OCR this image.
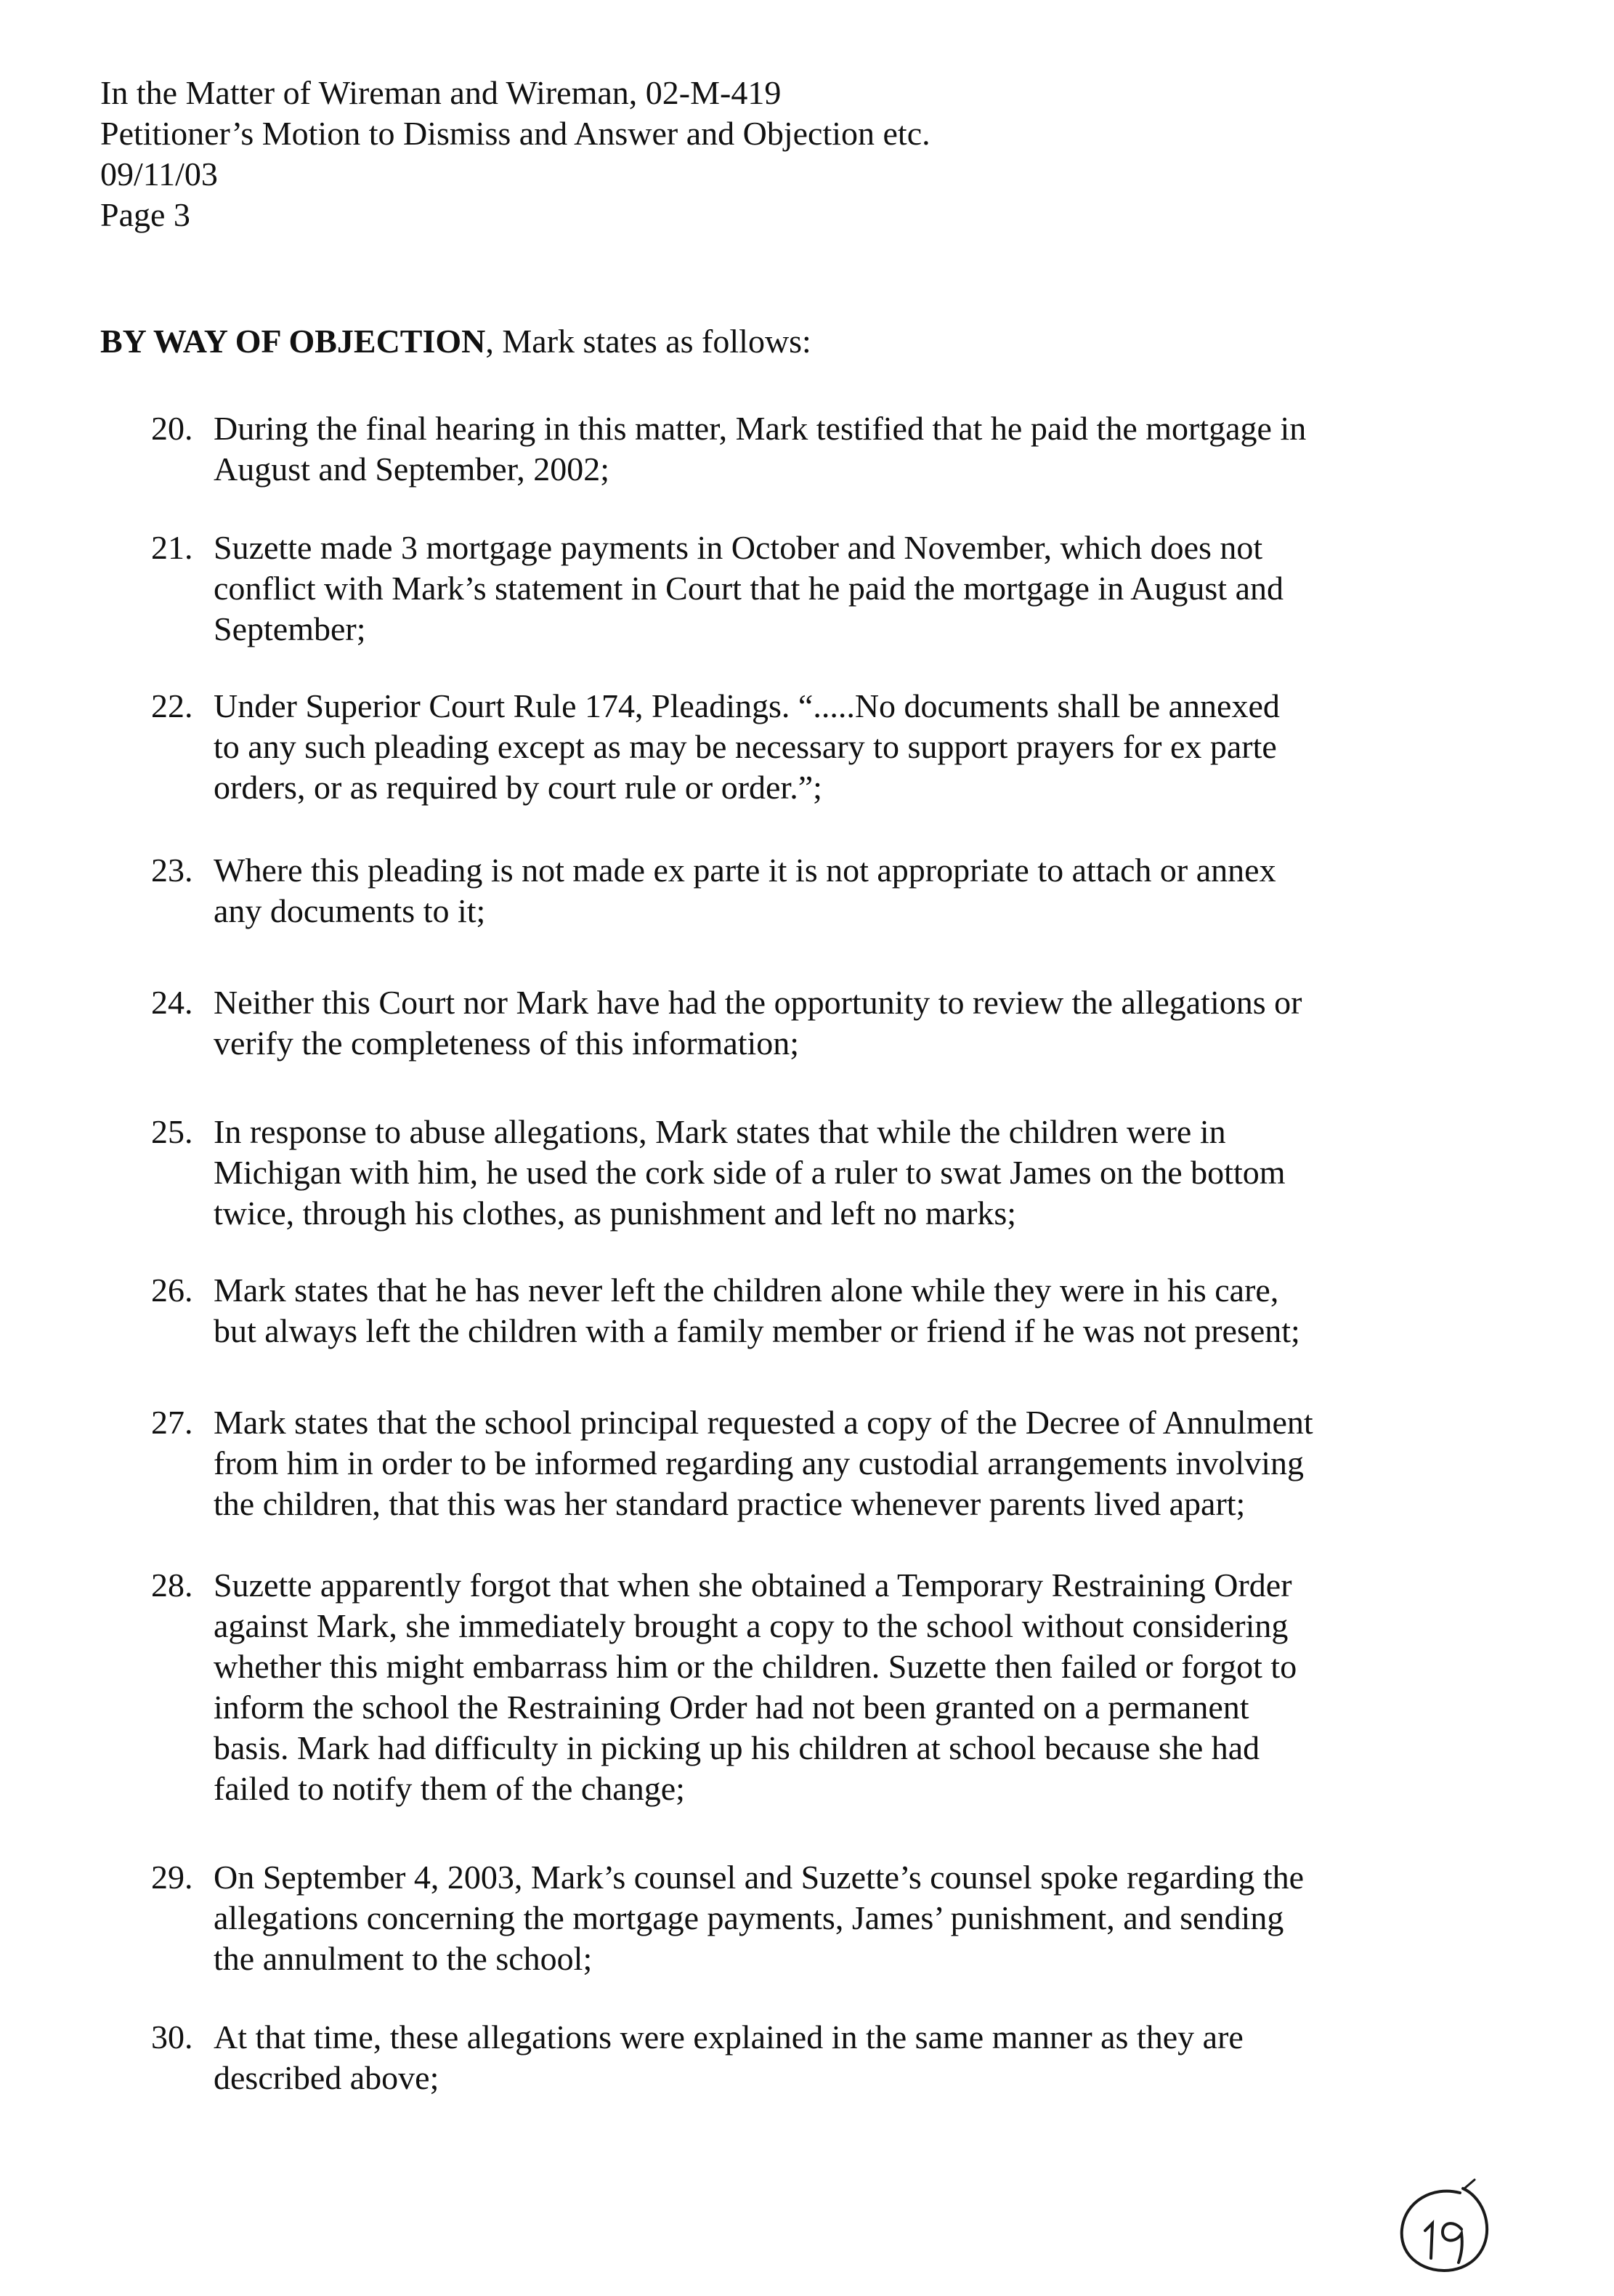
In the Matter of Wireman and Wireman, 02-M-419
Petitioner’s Motion to Dismiss and Answer and Objection etc.
09/11/03
Page 3
BY WAY OF OBJECTION, Mark states as follows:
20. During the final hearing in this matter, Mark testified that he paid the mortgage in
August and September, 2002;
21. Suzette made 3 mortgage payments in October and November, which does not
conflict with Mark’s statement in Court that he paid the mortgage in August and
September;
22. Under Superior Court Rule 174, Pleadings. “.....No documents shall be annexed
to any such pleading except as may be necessary to support prayers for ex parte
orders, or as required by court rule or order.”;
23. Where this pleading is not made ex parte it is not appropriate to attach or annex
any documents to it;
24. Neither this Court nor Mark have had the opportunity to review the allegations or
verify the completeness of this information;
25. In response to abuse allegations, Mark states that while the children were in
Michigan with him, he used the cork side of a ruler to swat James on the bottom
twice, through his clothes, as punishment and left no marks;
26. Mark states that he has never left the children alone while they were in his care,
but always left the children with a family member or friend if he was not present;
27. Mark states that the school principal requested a copy of the Decree of Annulment
from him in order to be informed regarding any custodial arrangements involving
the children, that this was her standard practice whenever parents lived apart;
28. Suzette apparently forgot that when she obtained a Temporary Restraining Order
against Mark, she immediately brought a copy to the school without considering
whether this might embarrass him or the children. Suzette then failed or forgot to
inform the school the Restraining Order had not been granted on a permanent
basis. Mark had difficulty in picking up his children at school because she had
failed to notify them of the change;
29. On September 4, 2003, Mark’s counsel and Suzette’s counsel spoke regarding the
allegations concerning the mortgage payments, James’ punishment, and sending
the annulment to the school;
30. At that time, these allegations were explained in the same manner as they are
described above;
